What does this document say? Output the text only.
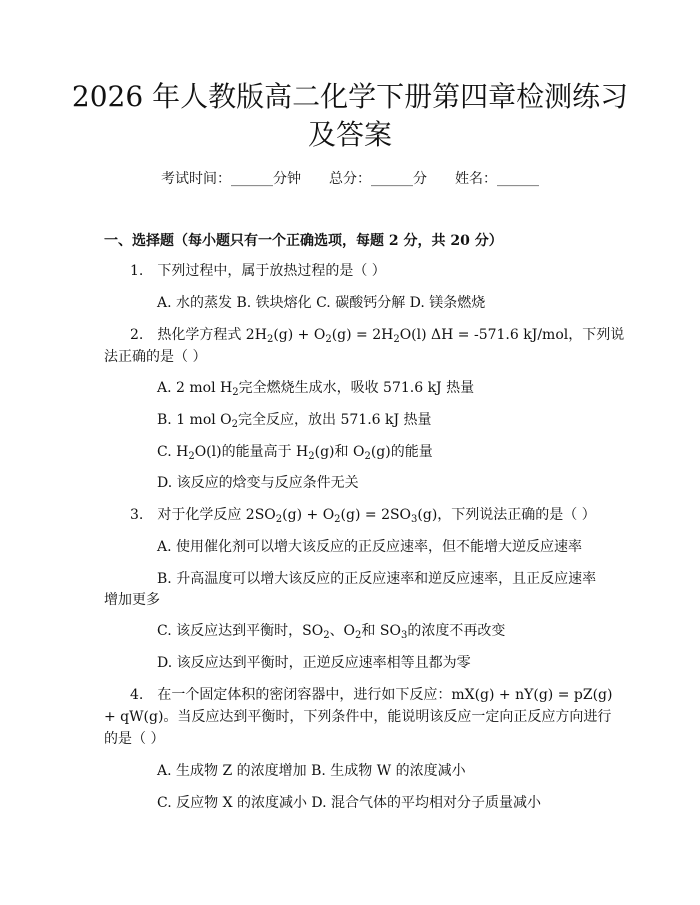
2026 年人教版高二化学下册第四章检测练习
及答案
考试时间：______分钟　　总分：______分　　姓名：______
一、选择题（每小题只有一个正确选项，每题 2 分，共 20 分）
1.　下列过程中，属于放热过程的是（ ）
A. 水的蒸发 B. 铁块熔化 C. 碳酸钙分解 D. 镁条燃烧
2. 热化学方程式 $2H_2(g) + O_2(g) = 2H_2O(l) \Delta H = -571.6$ kJ/mol，下列说
法正确的是（ ）
A. 2 mol $H_2$完全燃烧生成水，吸收 571.6 kJ 热量
B. 1 mol $O_2$完全反应，放出 571.6 kJ 热量
C. $H_2O(l)$的能量高于 $H_2(g)$和 $O_2(g)$的能量
D. 该反应的焓变与反应条件无关
3. 对于化学反应 $2SO_2(g) + O_2(g) = 2SO_3(g)$，下列说法正确的是（ ）
A. 使用催化剂可以增大该反应的正反应速率，但不能增大逆反应速率
B. 升高温度可以增大该反应的正反应速率和逆反应速率，且正反应速率
增加更多
C. 该反应达到平衡时，$SO_2$、$O_2$和 $SO_3$的浓度不再改变
D. 该反应达到平衡时，正逆反应速率相等且都为零
4.　在一个固定体积的密闭容器中，进行如下反应：mX(g) + nY(g) = pZ(g)
+ qW(g)。当反应达到平衡时，下列条件中，能说明该反应一定向正反应方向进行
的是（ ）
A. 生成物 Z 的浓度增加 B. 生成物 W 的浓度减小
C. 反应物 X 的浓度减小 D. 混合气体的平均相对分子质量减小
